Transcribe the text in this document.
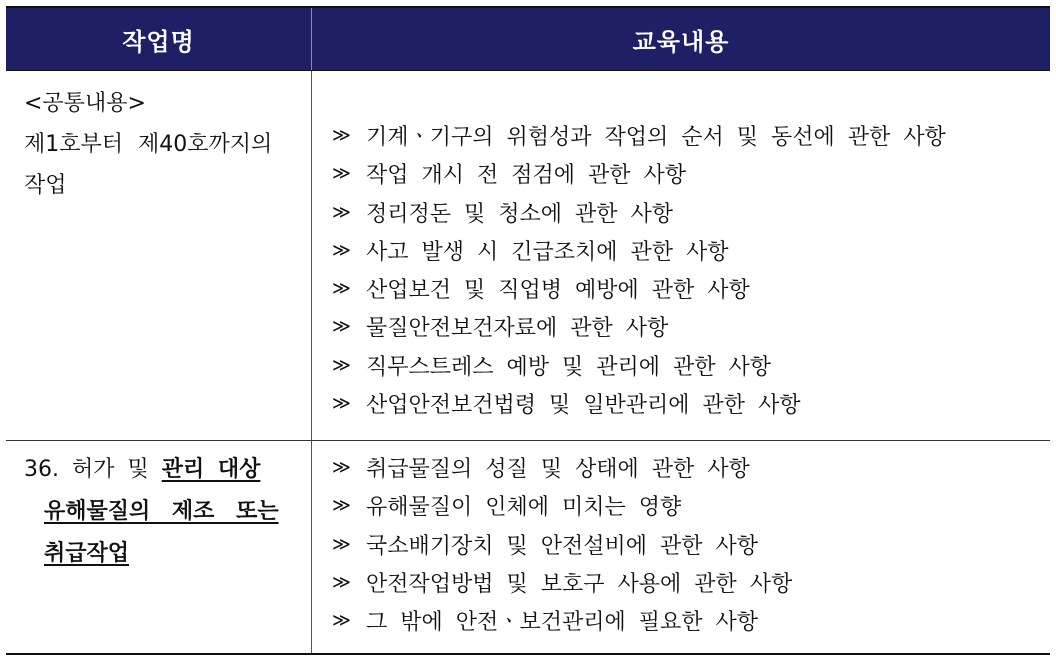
작업명	교육내용
<공통내용>
제1호부터 제40호까지의
작업
≫ 기계ㆍ기구의 위험성과 작업의 순서 및 동선에 관한 사항
≫ 작업 개시 전 점검에 관한 사항
≫ 정리정돈 및 청소에 관한 사항
≫ 사고 발생 시 긴급조치에 관한 사항
≫ 산업보건 및 직업병 예방에 관한 사항
≫ 물질안전보건자료에 관한 사항
≫ 직무스트레스 예방 및 관리에 관한 사항
≫ 산업안전보건법령 및 일반관리에 관한 사항
36. 허가 및 관리 대상
유해물질의 제조 또는
취급작업
≫ 취급물질의 성질 및 상태에 관한 사항
≫ 유해물질이 인체에 미치는 영향
≫ 국소배기장치 및 안전설비에 관한 사항
≫ 안전작업방법 및 보호구 사용에 관한 사항
≫ 그 밖에 안전ㆍ보건관리에 필요한 사항
